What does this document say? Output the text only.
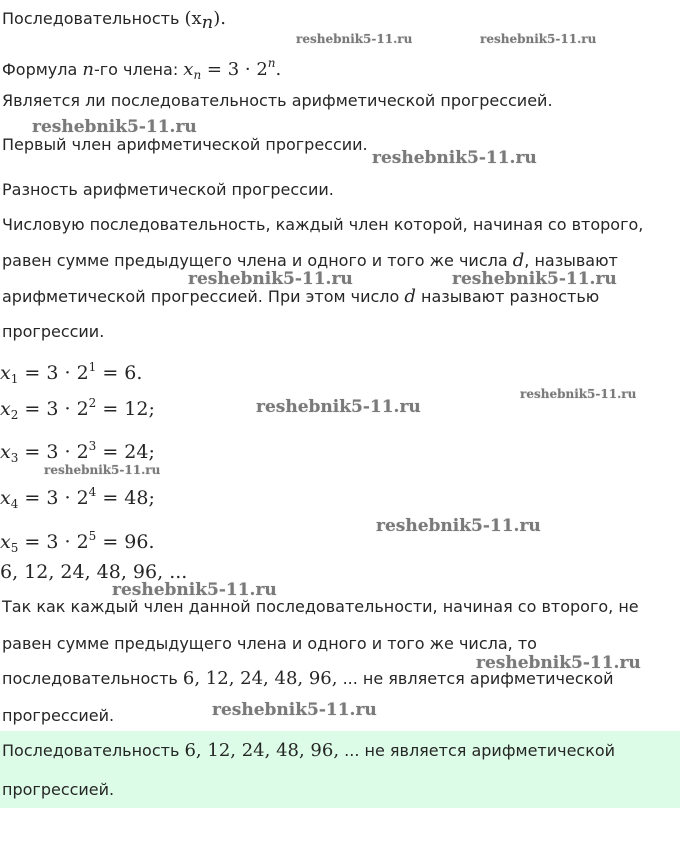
Последовательность $(x_n)$.
Формула n-го члена: $x_n = 3 \cdot 2^n$.
Является ли последовательность арифметической прогрессией.
Первый член арифметической прогрессии.
Разность арифметической прогрессии.
Числовую последовательность, каждый член которой, начиная со второго,
равен сумме предыдущего члена и одного и того же числа d, называют
арифметической прогрессией. При этом число d называют разностью
прогрессии.
$x_1 = 3 \cdot 2^1 = 6$.
$x_2 = 3 \cdot 2^2 = 12$;
$x_3 = 3 \cdot 2^3 = 24$;
$x_4 = 3 \cdot 2^4 = 48$;
$x_5 = 3 \cdot 2^5 = 96$.
6, 12, 24, 48, 96, ...
Так как каждый член данной последовательности, начиная со второго, не
равен сумме предыдущего члена и одного и того же числа, то
последовательность 6, 12, 24, 48, 96, ... не является арифметической
прогрессией.
Последовательность 6, 12, 24, 48, 96, ... не является арифметической
прогрессией.
reshebnik5-11.ru	reshebnik5-11.ru
reshebnik5-11.ru
reshebnik5-11.ru
reshebnik5-11.ru	reshebnik5-11.ru
reshebnik5-11.ru
reshebnik5-11.ru
reshebnik5-11.ru
reshebnik5-11.ru
reshebnik5-11.ru
reshebnik5-11.ru
reshebnik5-11.ru
